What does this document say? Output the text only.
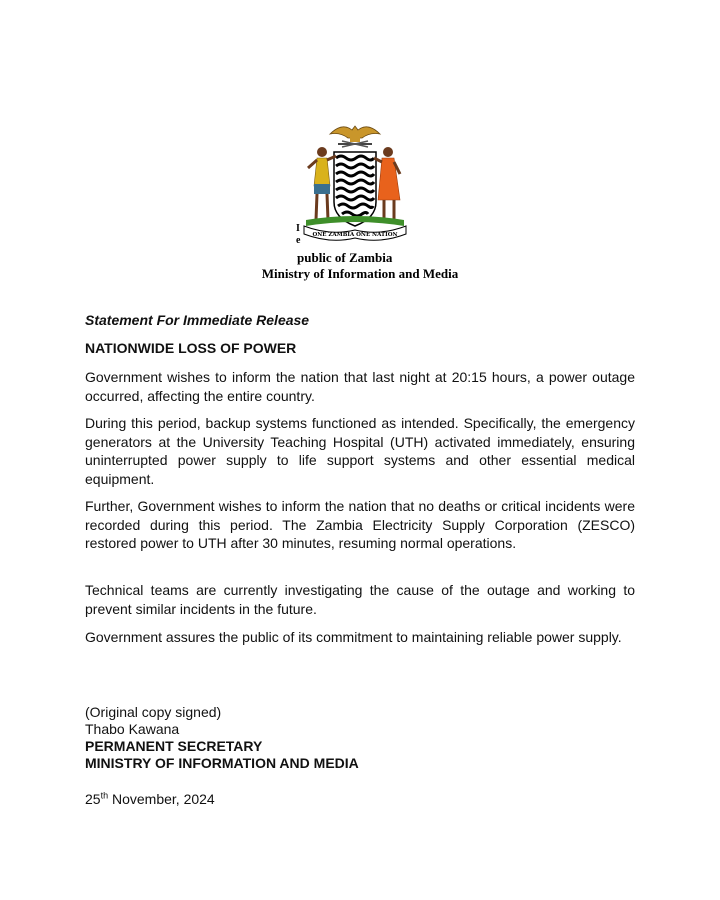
ONE ZAMBIA ONE NATION
I
e
public of Zambia
Ministry of Information and Media
Statement For Immediate Release
NATIONWIDE LOSS OF POWER

Government wishes to inform the nation that last night at 20:15 hours, a power outage occurred, affecting the entire country.

During this period, backup systems functioned as intended. Specifically, the emergency generators at the University Teaching Hospital (UTH) activated immediately, ensuring uninterrupted power supply to life support systems and other essential medical equipment.

Further, Government wishes to inform the nation that no deaths or critical incidents were recorded during this period. The Zambia Electricity Supply Corporation (ZESCO) restored power to UTH after 30 minutes, resuming normal operations.

Technical teams are currently investigating the cause of the outage and working to prevent similar incidents in the future.

Government assures the public of its commitment to maintaining reliable power supply.

(Original copy signed)
Thabo Kawana
PERMANENT SECRETARY
MINISTRY OF INFORMATION AND MEDIA
25th November, 2024
